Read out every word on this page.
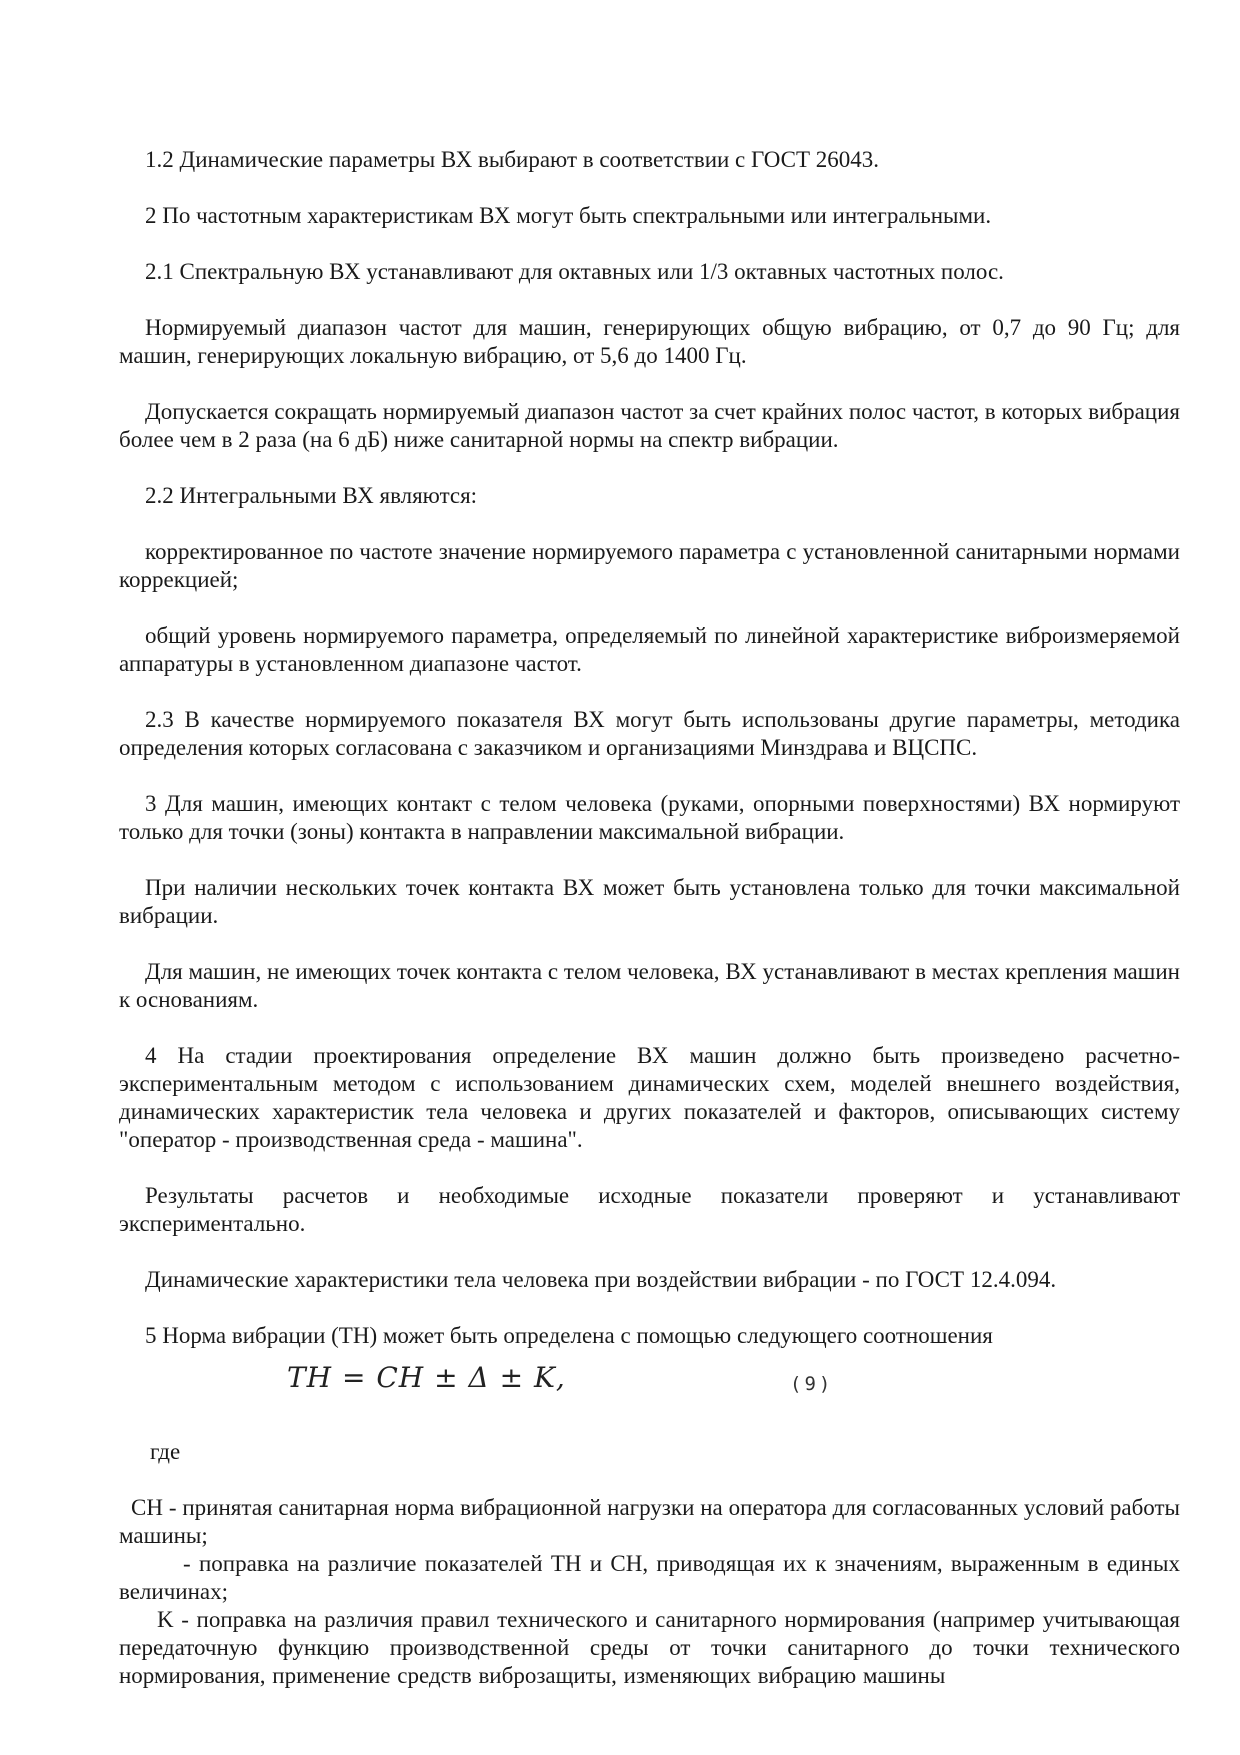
1.2 Динамические параметры ВХ выбирают в соответствии с ГОСТ 26043.

2 По частотным характеристикам ВХ могут быть спектральными или интегральными.

2.1 Спектральную ВХ устанавливают для октавных или 1/3 октавных частотных полос.

Нормируемый диапазон частот для машин, генерирующих общую вибрацию, от 0,7 до 90 Гц; для машин, генерирующих локальную вибрацию, от 5,6 до 1400 Гц.

Допускается сокращать нормируемый диапазон частот за счет крайних полос частот, в которых вибрация более чем в 2 раза (на 6 дБ) ниже санитарной нормы на спектр вибрации.

2.2 Интегральными ВХ являются:

корректированное по частоте значение нормируемого параметра с установленной санитарными нормами коррекцией;

общий уровень нормируемого параметра, определяемый по линейной характеристике виброизмеряемой аппаратуры в установленном диапазоне частот.

2.3 В качестве нормируемого показателя ВХ могут быть использованы другие параметры, методика определения которых согласована с заказчиком и организациями Минздрава и ВЦСПС.

3 Для машин, имеющих контакт с телом человека (руками, опорными поверхностями) ВХ нормируют только для точки (зоны) контакта в направлении максимальной вибрации.

При наличии нескольких точек контакта ВХ может быть установлена только для точки максимальной вибрации.

Для машин, не имеющих точек контакта с телом человека, ВХ устанавливают в местах крепления машин к основаниям.

4 На стадии проектирования определение ВХ машин должно быть произведено расчетно-экспериментальным методом с использованием динамических схем, моделей внешнего воздействия, динамических характеристик тела человека и других показателей и факторов, описывающих систему "оператор - производственная среда - машина".

Результаты расчетов и необходимые исходные показатели проверяют и устанавливают экспериментально.

Динамические характеристики тела человека при воздействии вибрации - по ГОСТ 12.4.094.

5 Норма вибрации (ТН) может быть определена с помощью следующего соотношения

TH = CH ± Δ ± K,	(9)

где

CH - принятая санитарная норма вибрационной нагрузки на оператора для согласованных условий работы машины;

- поправка на различие показателей ТН и СН, приводящая их к значениям, выраженным в единых величинах;

K - поправка на различия правил технического и санитарного нормирования (например учитывающая передаточную функцию производственной среды от точки санитарного до точки технического нормирования, применение средств виброзащиты, изменяющих вибрацию машины
